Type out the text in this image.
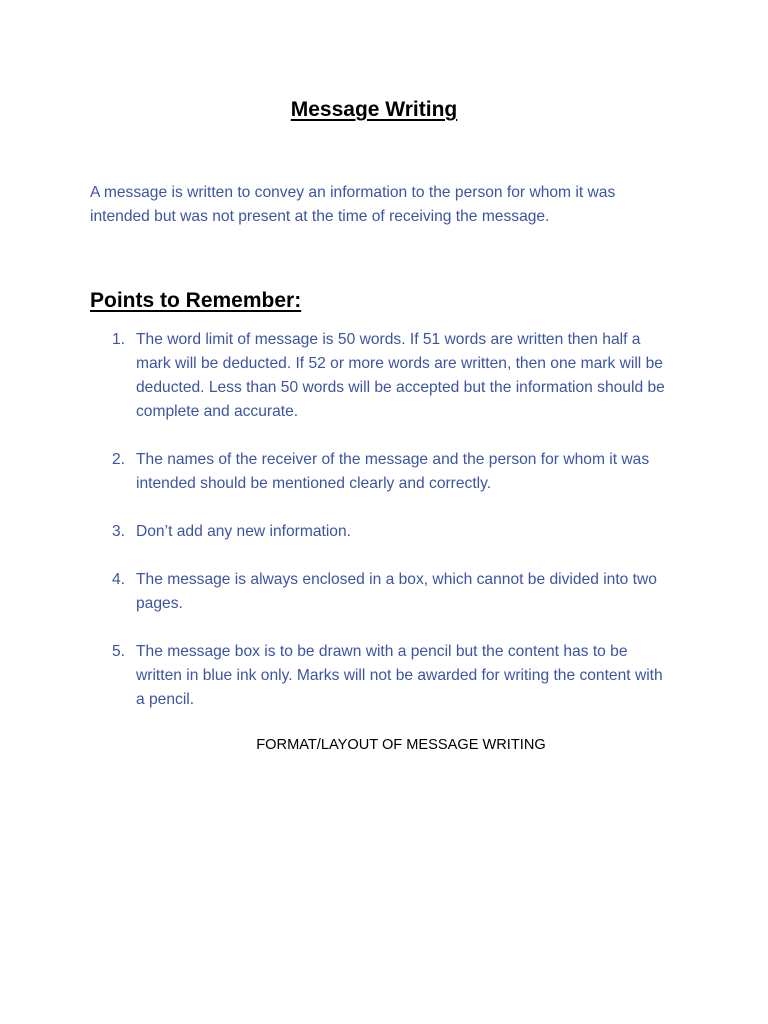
Message Writing

A message is written to convey an information to the person for whom it was intended but was not present at the time of receiving the message.

Points to Remember:
1. The word limit of message is 50 words. If 51 words are written then half a mark will be deducted. If 52 or more words are written, then one mark will be deducted. Less than 50 words will be accepted but the information should be complete and accurate.
2. The names of the receiver of the message and the person for whom it was intended should be mentioned clearly and correctly.
3. Don’t add any new information.
4. The message is always enclosed in a box, which cannot be divided into two pages.
5. The message box is to be drawn with a pencil but the content has to be written in blue ink only. Marks will not be awarded for writing the content with a pencil.

FORMAT/LAYOUT OF MESSAGE WRITING
